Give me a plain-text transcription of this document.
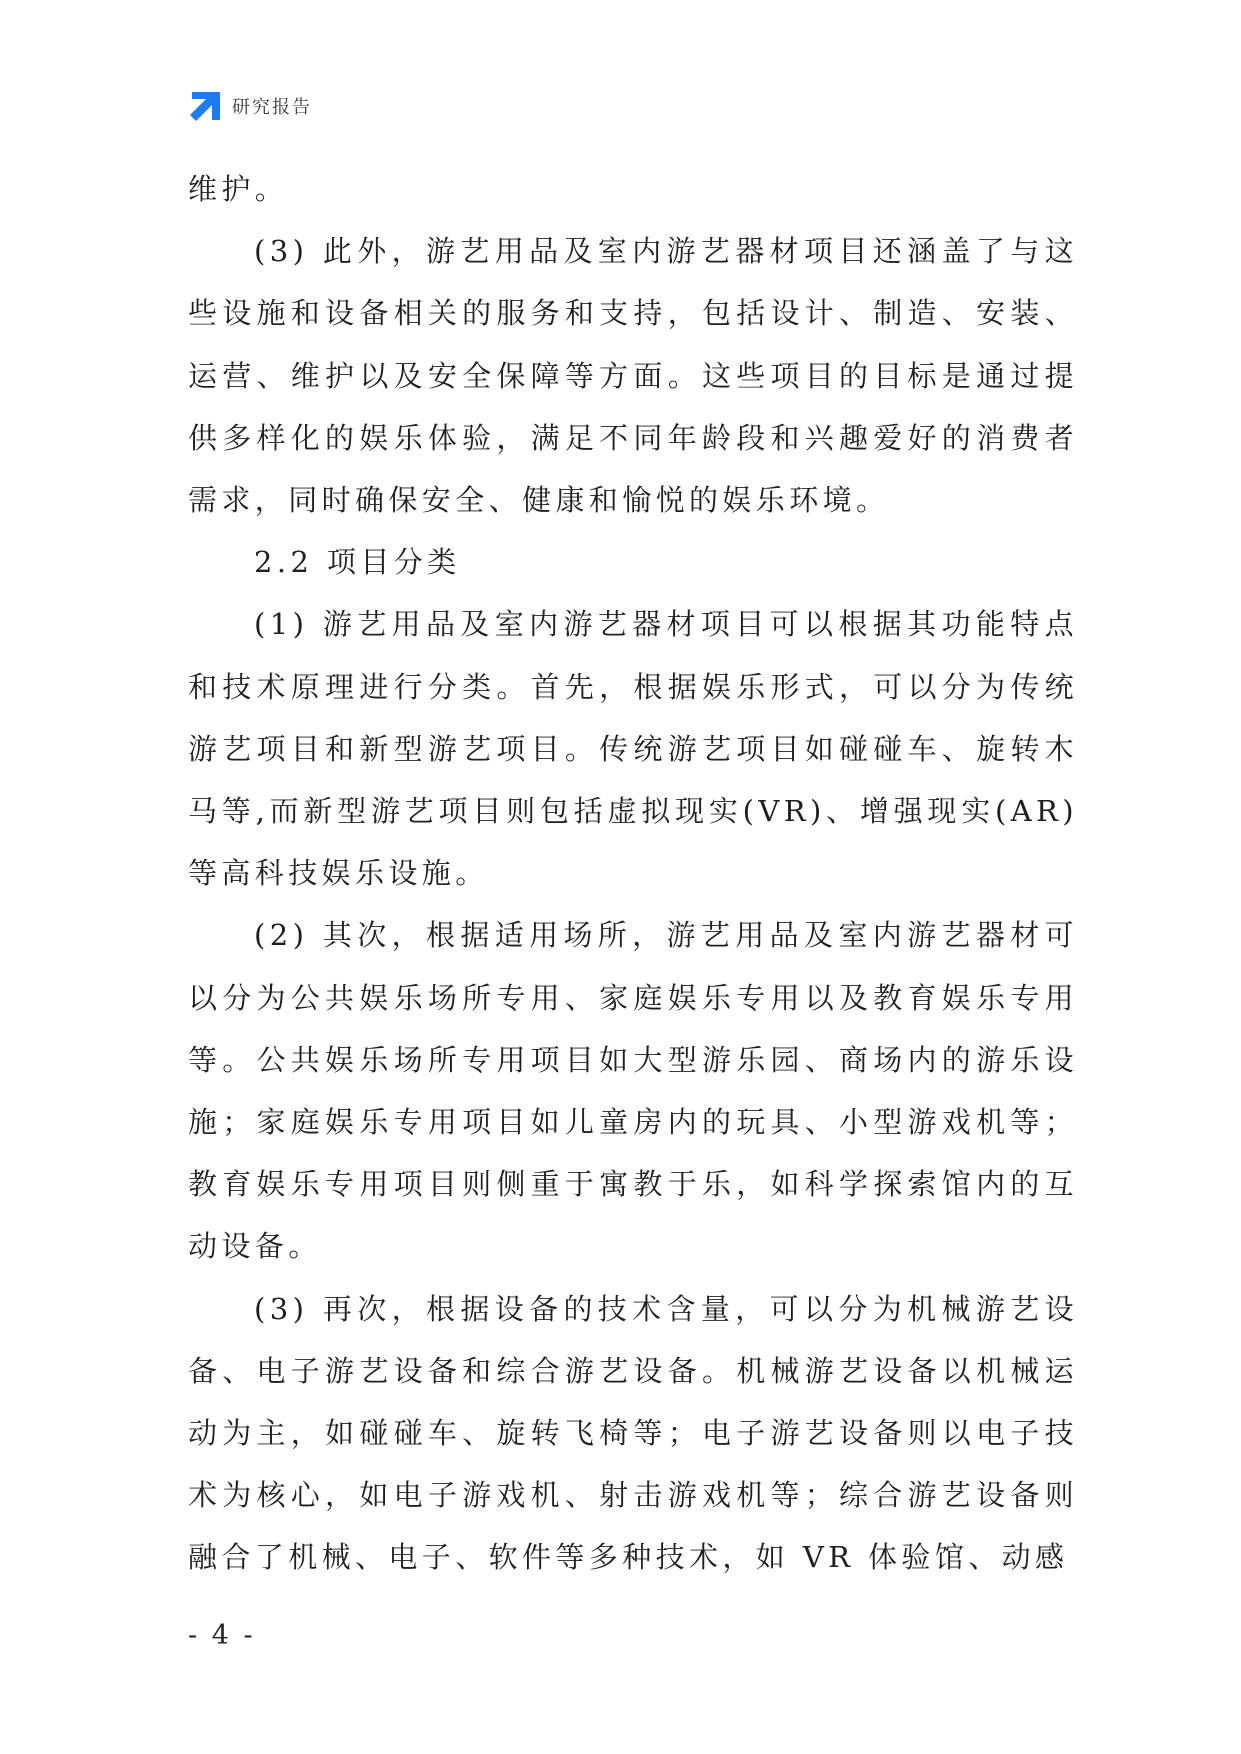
研究报告

维护。

(3) 此外，游艺用品及室内游艺器材项目还涵盖了与这些设施和设备相关的服务和支持，包括设计、制造、安装、运营、维护以及安全保障等方面。这些项目的目标是通过提供多样化的娱乐体验，满足不同年龄段和兴趣爱好的消费者需求，同时确保安全、健康和愉悦的娱乐环境。

2.2 项目分类

(1) 游艺用品及室内游艺器材项目可以根据其功能特点和技术原理进行分类。首先，根据娱乐形式，可以分为传统游艺项目和新型游艺项目。传统游艺项目如碰碰车、旋转木马等,而新型游艺项目则包括虚拟现实(VR)、增强现实(AR)等高科技娱乐设施。

(2) 其次，根据适用场所，游艺用品及室内游艺器材可以分为公共娱乐场所专用、家庭娱乐专用以及教育娱乐专用等。公共娱乐场所专用项目如大型游乐园、商场内的游乐设施；家庭娱乐专用项目如儿童房内的玩具、小型游戏机等；教育娱乐专用项目则侧重于寓教于乐，如科学探索馆内的互动设备。

(3) 再次，根据设备的技术含量，可以分为机械游艺设备、电子游艺设备和综合游艺设备。机械游艺设备以机械运动为主，如碰碰车、旋转飞椅等；电子游艺设备则以电子技术为核心，如电子游戏机、射击游戏机等；综合游艺设备则融合了机械、电子、软件等多种技术，如 VR 体验馆、动感

- 4 -
